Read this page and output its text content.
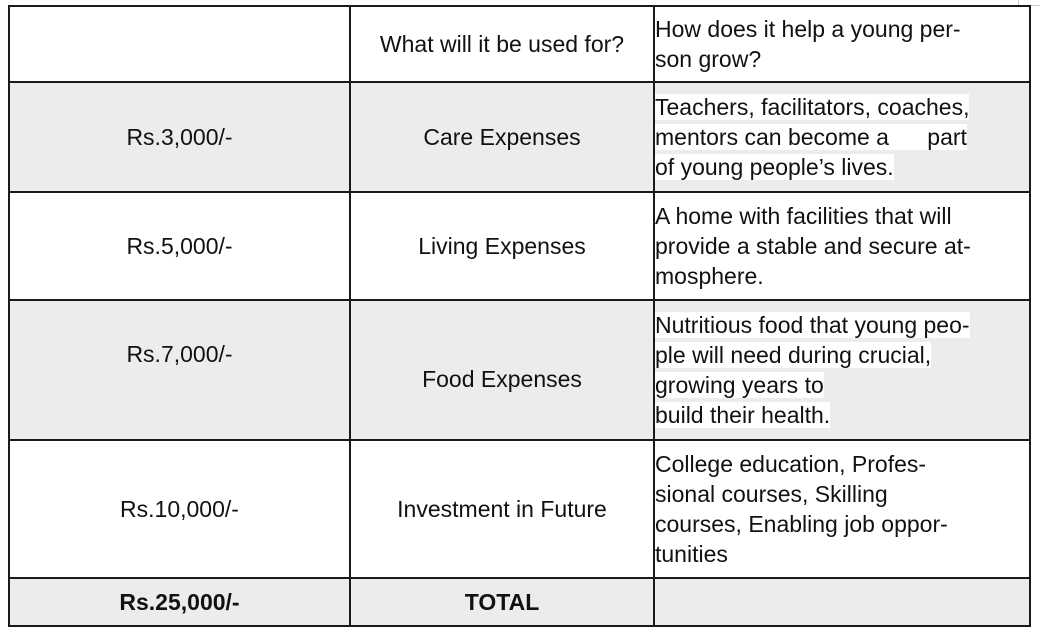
	What will it be used for?	How does it help a young per-
son grow?

Rs.3,000/-	Care Expenses	Teachers, facilitators, coaches,
mentors can become a      part
of young people’s lives.

Rs.5,000/-	Living Expenses	A home with facilities that will
provide a stable and secure at-
mosphere.

Rs.7,000/-	Food Expenses	Nutritious food that young peo-
ple will need during crucial,
growing years to
build their health.

Rs.10,000/-	Investment in Future	College education, Profes-
sional courses, Skilling
courses, Enabling job oppor-
tunities

Rs.25,000/-	TOTAL	
